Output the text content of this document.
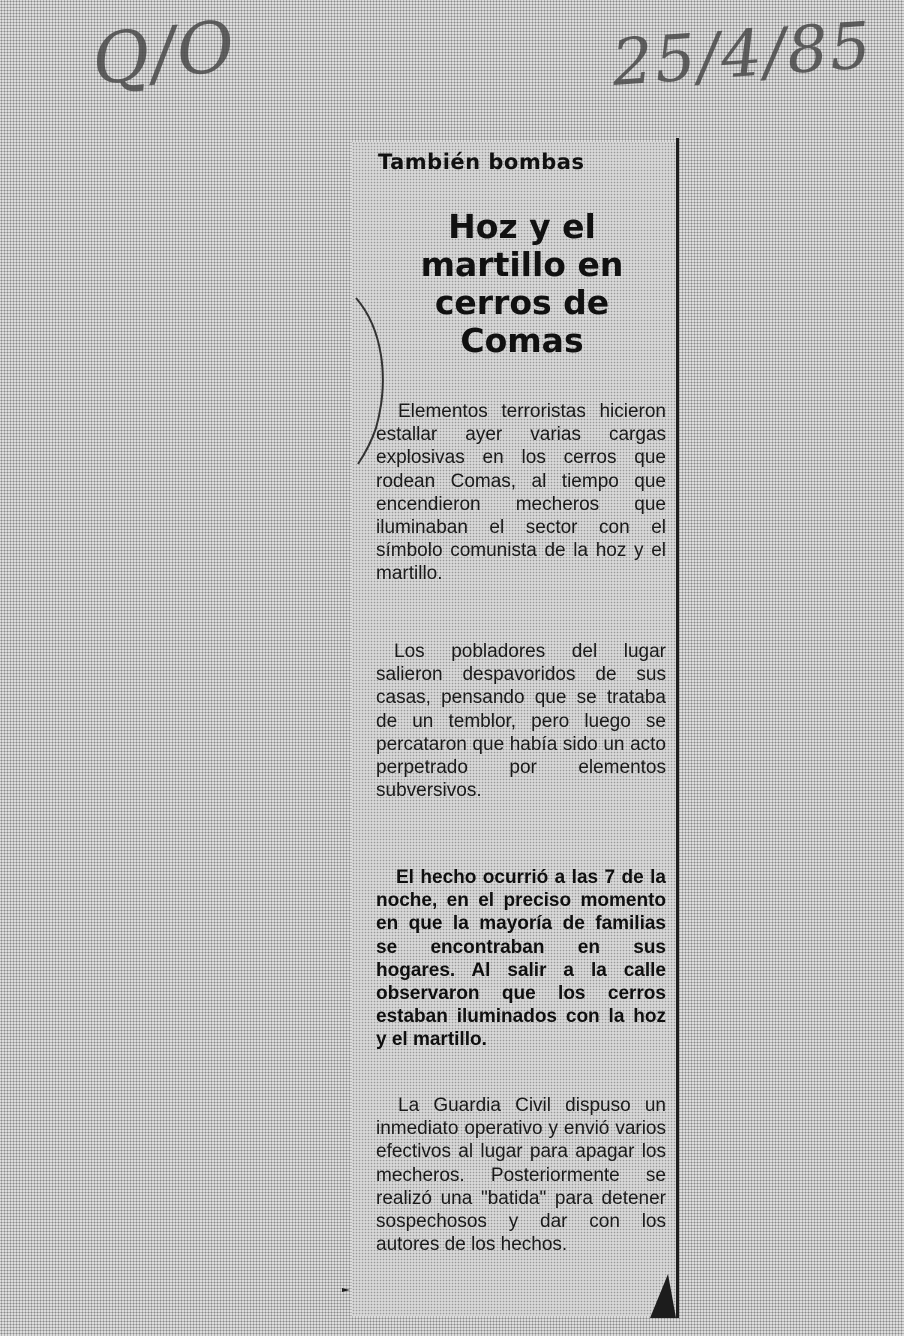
Q/O	25/4/85
También bombas
Hoz y el martillo en cerros de Comas

Elementos terroristas hicieron estallar ayer varias cargas explosivas en los cerros que rodean Comas, al tiempo que encendieron mecheros que iluminaban el sector con el símbolo comunista de la hoz y el martillo.

Los pobladores del lugar salieron despavoridos de sus casas, pensando que se trataba de un temblor, pero luego se percataron que había sido un acto perpetrado por elementos subversivos.

El hecho ocurrió a las 7 de la noche, en el preciso momento en que la mayoría de familias se encontraban en sus hogares. Al salir a la calle observaron que los cerros estaban iluminados con la hoz y el martillo.

La Guardia Civil dispuso un inmediato operativo y envió varios efectivos al lugar para apagar los mecheros. Posteriormente se realizó una "batida" para detener sospechosos y dar con los autores de los hechos.
